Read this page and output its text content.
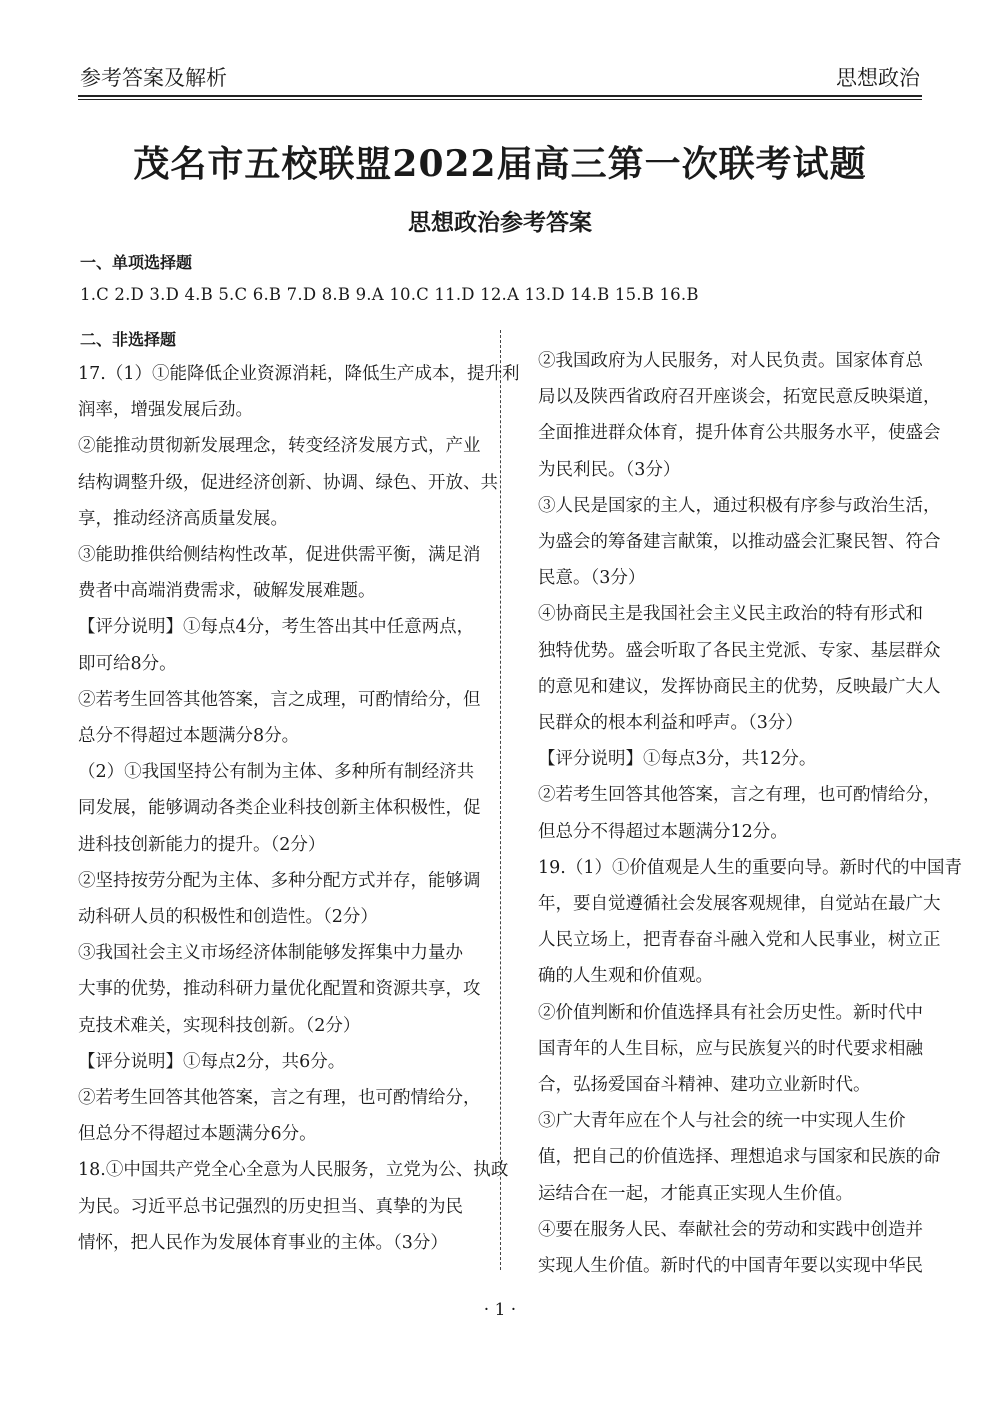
参考答案及解析	思想政治
茂名市五校联盟2022届高三第一次联考试题
思想政治参考答案
一、单项选择题
1.C 2.D 3.D 4.B 5.C 6.B 7.D 8.B 9.A 10.C 11.D 12.A 13.D 14.B 15.B 16.B
二、非选择题
17.（1）①能降低企业资源消耗，降低生产成本，提升利
润率，增强发展后劲。
②能推动贯彻新发展理念，转变经济发展方式，产业
结构调整升级，促进经济创新、协调、绿色、开放、共
享，推动经济高质量发展。
③能助推供给侧结构性改革，促进供需平衡，满足消
费者中高端消费需求，破解发展难题。
【评分说明】①每点4分，考生答出其中任意两点，
即可给8分。
②若考生回答其他答案，言之成理，可酌情给分，但
总分不得超过本题满分8分。
（2）①我国坚持公有制为主体、多种所有制经济共
同发展，能够调动各类企业科技创新主体积极性，促
进科技创新能力的提升。（2分）
②坚持按劳分配为主体、多种分配方式并存，能够调
动科研人员的积极性和创造性。（2分）
③我国社会主义市场经济体制能够发挥集中力量办
大事的优势，推动科研力量优化配置和资源共享，攻
克技术难关，实现科技创新。（2分）
【评分说明】①每点2分，共6分。
②若考生回答其他答案，言之有理，也可酌情给分，
但总分不得超过本题满分6分。
18.①中国共产党全心全意为人民服务，立党为公、执政
为民。习近平总书记强烈的历史担当、真挚的为民
情怀，把人民作为发展体育事业的主体。（3分）
②我国政府为人民服务，对人民负责。国家体育总
局以及陕西省政府召开座谈会，拓宽民意反映渠道，
全面推进群众体育，提升体育公共服务水平，使盛会
为民利民。（3分）
③人民是国家的主人，通过积极有序参与政治生活，
为盛会的筹备建言献策，以推动盛会汇聚民智、符合
民意。（3分）
④协商民主是我国社会主义民主政治的特有形式和
独特优势。盛会听取了各民主党派、专家、基层群众
的意见和建议，发挥协商民主的优势，反映最广大人
民群众的根本利益和呼声。（3分）
【评分说明】①每点3分，共12分。
②若考生回答其他答案，言之有理，也可酌情给分，
但总分不得超过本题满分12分。
19.（1）①价值观是人生的重要向导。新时代的中国青
年，要自觉遵循社会发展客观规律，自觉站在最广大
人民立场上，把青春奋斗融入党和人民事业，树立正
确的人生观和价值观。
②价值判断和价值选择具有社会历史性。新时代中
国青年的人生目标，应与民族复兴的时代要求相融
合，弘扬爱国奋斗精神、建功立业新时代。
③广大青年应在个人与社会的统一中实现人生价
值，把自己的价值选择、理想追求与国家和民族的命
运结合在一起，才能真正实现人生价值。
④要在服务人民、奉献社会的劳动和实践中创造并
实现人生价值。新时代的中国青年要以实现中华民
· 1 ·
